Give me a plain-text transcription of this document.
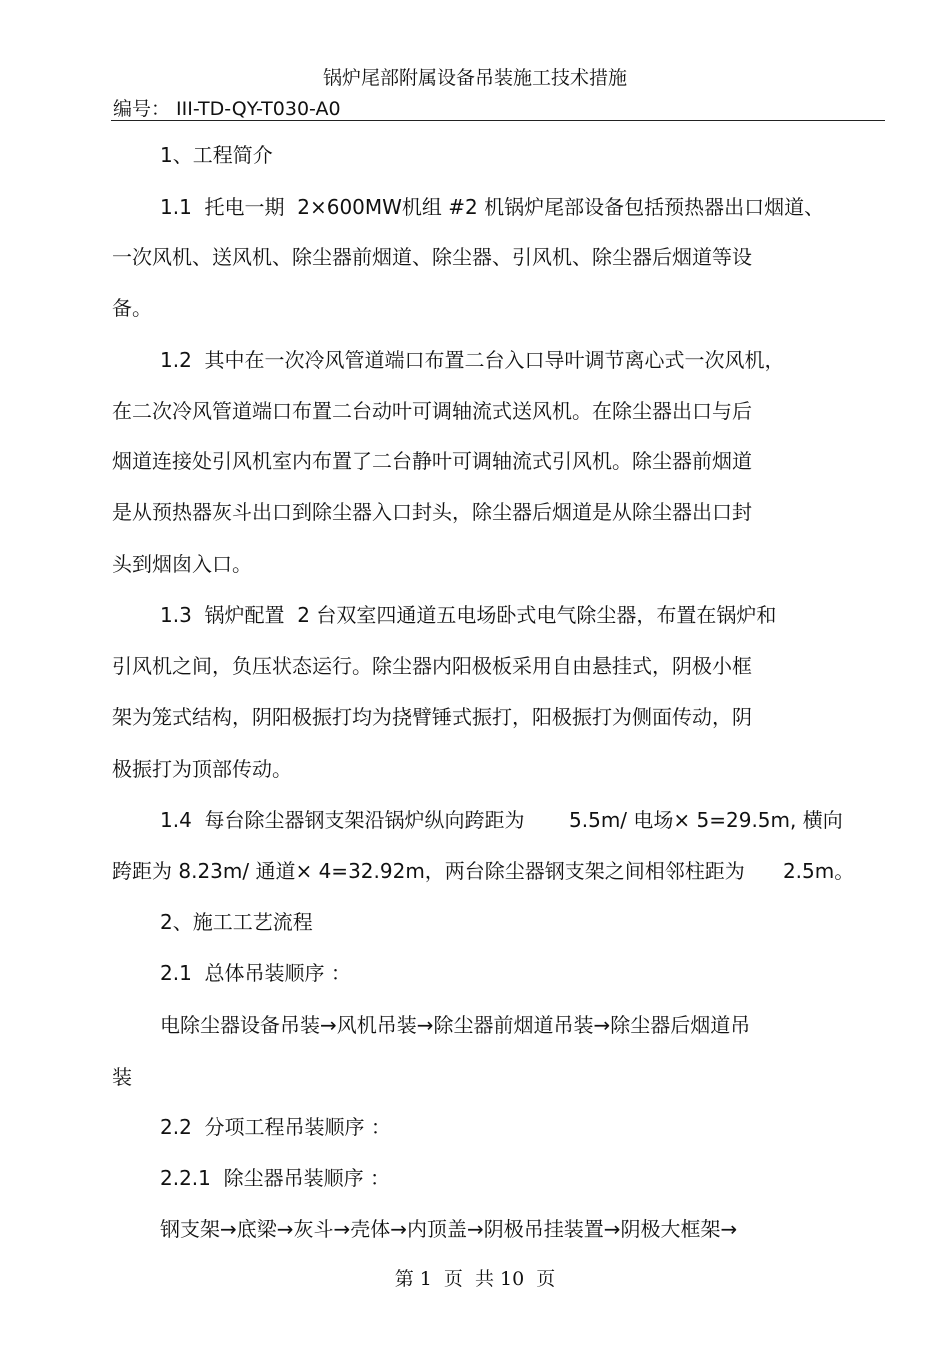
锅炉尾部附属设备吊装施工技术措施
编号： III-TD-QY-T030-A0
1、工程简介
1.1  托电一期  2×600MW机组 #2 机锅炉尾部设备包括预热器出口烟道、
一次风机、送风机、除尘器前烟道、除尘器、引风机、除尘器后烟道等设
备。
1.2  其中在一次冷风管道端口布置二台入口导叶调节离心式一次风机，
在二次冷风管道端口布置二台动叶可调轴流式送风机。在除尘器出口与后
烟道连接处引风机室内布置了二台静叶可调轴流式引风机。除尘器前烟道
是从预热器灰斗出口到除尘器入口封头，除尘器后烟道是从除尘器出口封
头到烟囱入口。
1.3  锅炉配置  2 台双室四通道五电场卧式电气除尘器，布置在锅炉和
引风机之间，负压状态运行。除尘器内阳极板采用自由悬挂式，阴极小框
架为笼式结构，阴阳极振打均为挠臂锤式振打，阳极振打为侧面传动，阴
极振打为顶部传动。
1.4  每台除尘器钢支架沿锅炉纵向跨距为       5.5m/ 电场× 5=29.5m, 横向
跨距为 8.23m/ 通道× 4=32.92m，两台除尘器钢支架之间相邻柱距为      2.5m。
2、施工工艺流程
2.1  总体吊装顺序 ：
电除尘器设备吊装→风机吊装→除尘器前烟道吊装→除尘器后烟道吊
装
2.2  分项工程吊装顺序 ：
2.2.1  除尘器吊装顺序 ：
钢支架→底梁→灰斗→壳体→内顶盖→阴极吊挂装置→阴极大框架→
第 1  页  共 10  页
